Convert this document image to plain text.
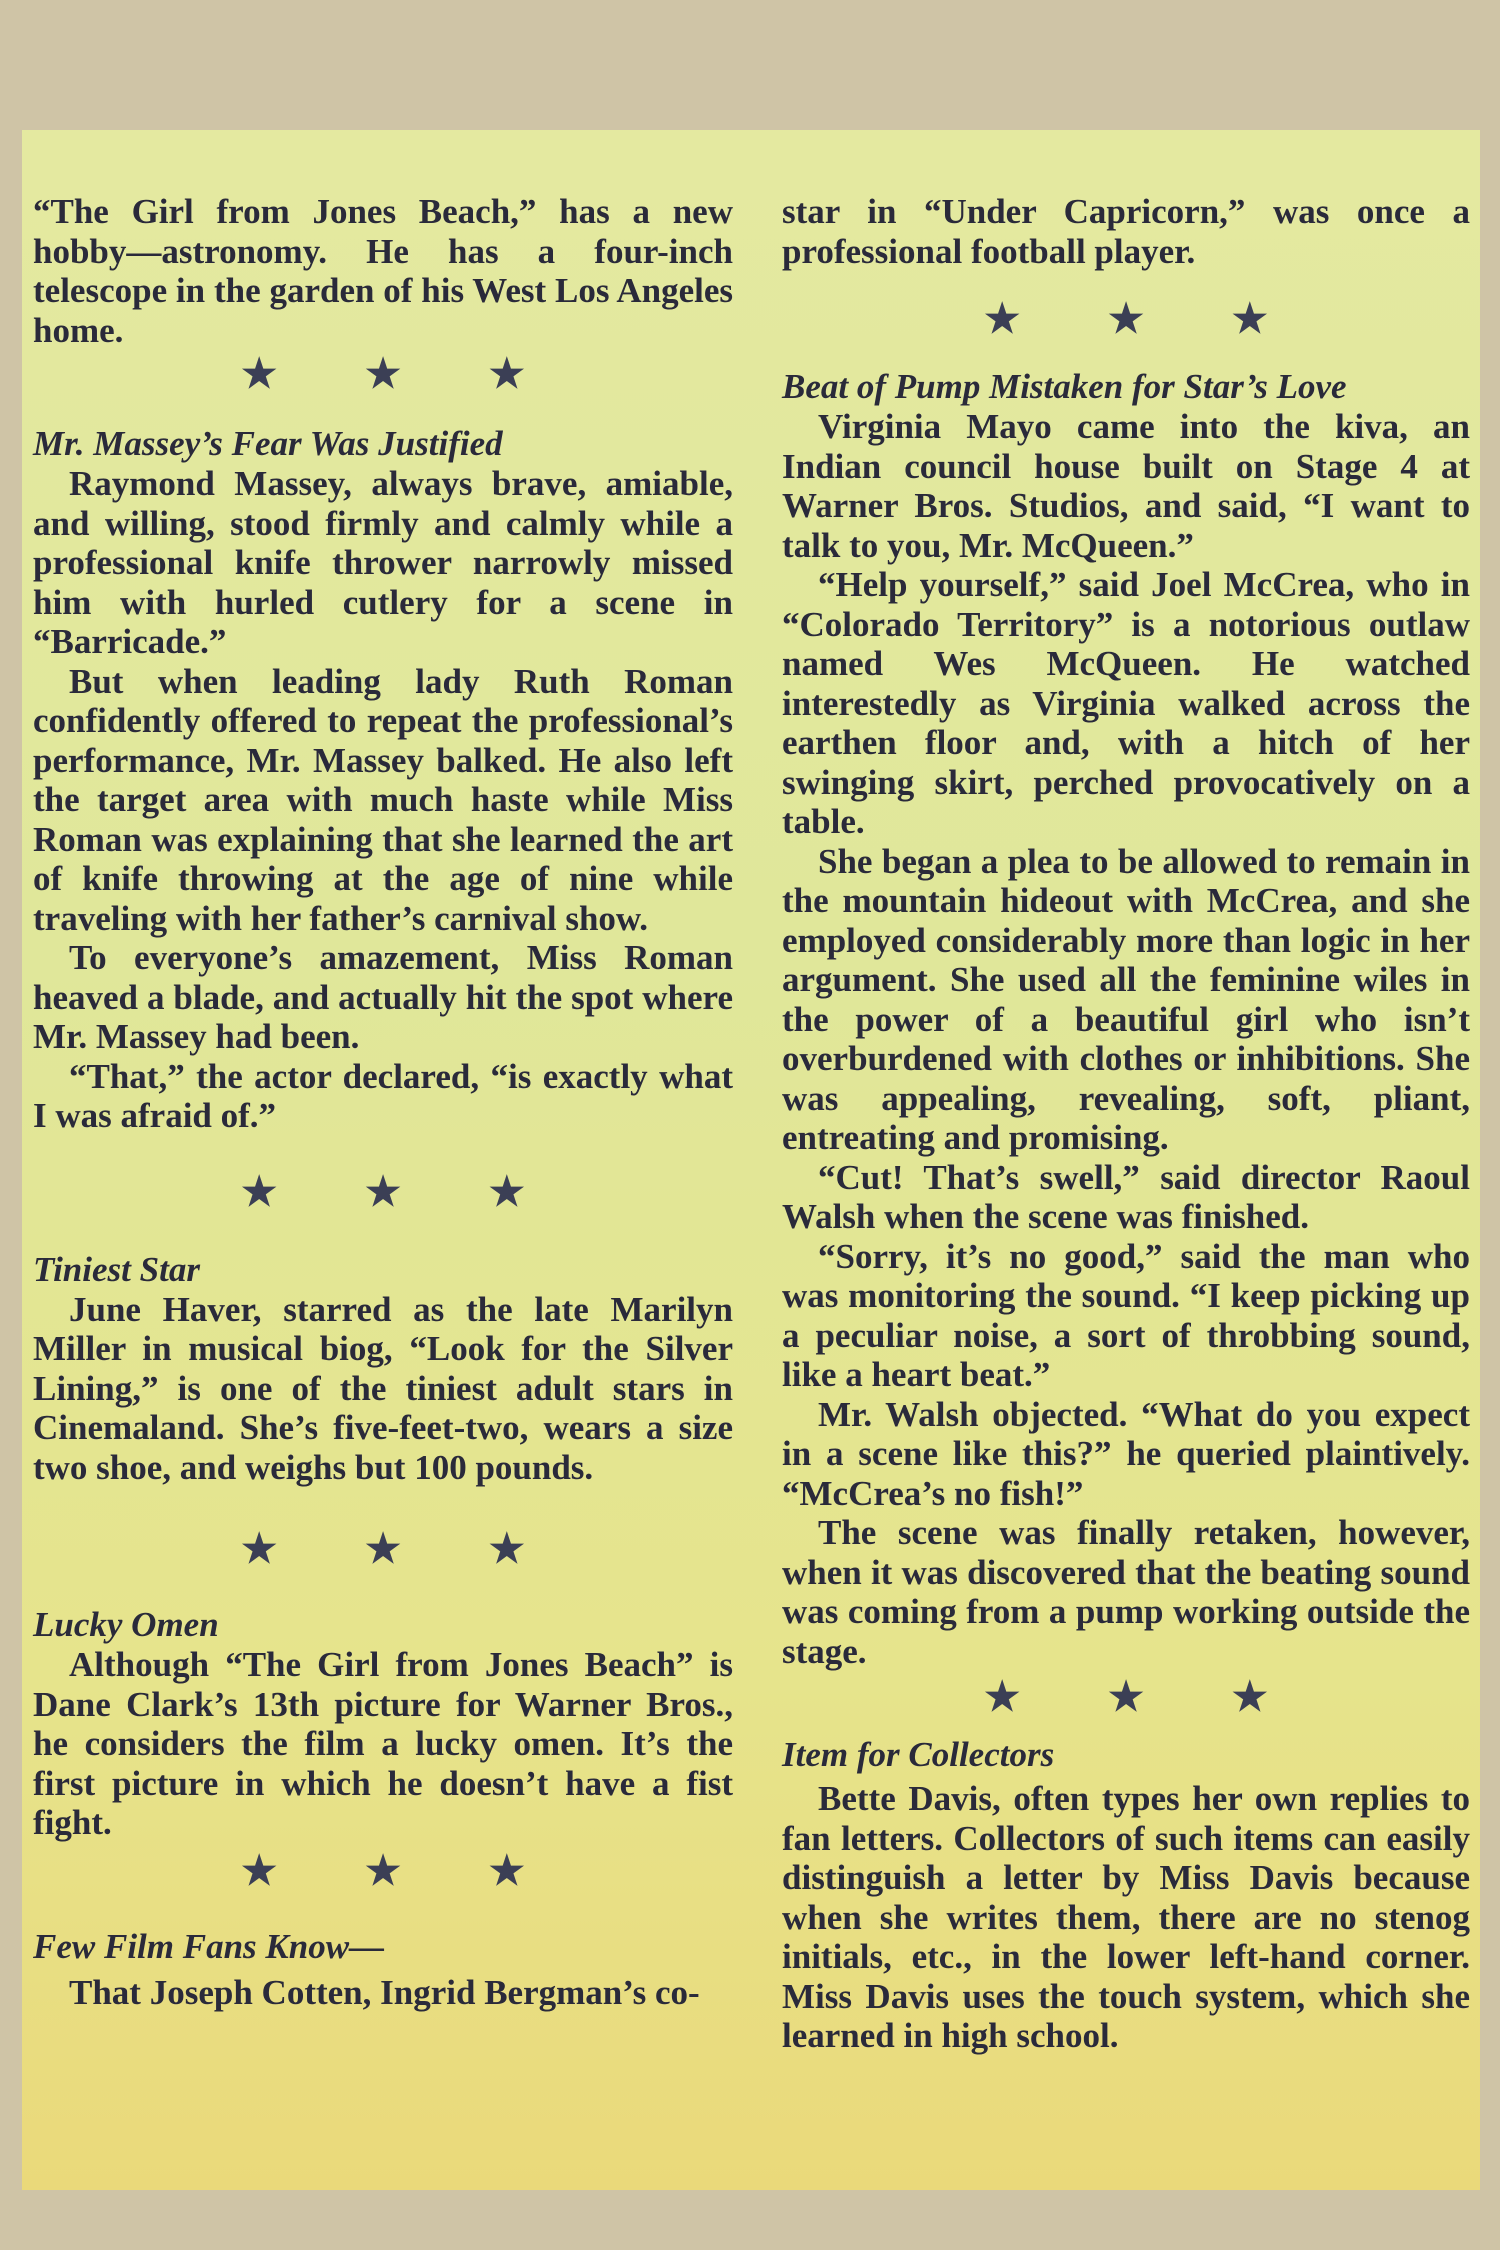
“The Girl from Jones Beach,” has a new hobby—astronomy. He has a four-inch telescope in the garden of his West Los Angeles home.

★ ★ ★
Mr. Massey’s Fear Was Justified

Raymond Massey, always brave, amiable, and willing, stood firmly and calmly while a professional knife thrower narrowly missed him with hurled cutlery for a scene in “Barricade.”

But when leading lady Ruth Roman confidently offered to repeat the professional’s performance, Mr. Massey balked. He also left the target area with much haste while Miss Roman was explaining that she learned the art of knife throwing at the age of nine while traveling with her father’s carnival show.

To everyone’s amazement, Miss Roman heaved a blade, and actually hit the spot where Mr. Massey had been.

“That,” the actor declared, “is exactly what I was afraid of.”

★ ★ ★
Tiniest Star

June Haver, starred as the late Marilyn Miller in musical biog, “Look for the Silver Lining,” is one of the tiniest adult stars in Cinemaland. She’s five-feet-two, wears a size two shoe, and weighs but 100 pounds.

★ ★ ★
Lucky Omen

Although “The Girl from Jones Beach” is Dane Clark’s 13th picture for Warner Bros., he considers the film a lucky omen. It’s the first picture in which he doesn’t have a fist fight.

★ ★ ★
Few Film Fans Know—

That Joseph Cotten, Ingrid Bergman’s co-

star in “Under Capricorn,” was once a professional football player.

★ ★ ★
Beat of Pump Mistaken for Star’s Love

Virginia Mayo came into the kiva, an Indian council house built on Stage 4 at Warner Bros. Studios, and said, “I want to talk to you, Mr. McQueen.”

“Help yourself,” said Joel McCrea, who in “Colorado Territory” is a notorious outlaw named Wes McQueen. He watched interestedly as Virginia walked across the earthen floor and, with a hitch of her swinging skirt, perched provocatively on a table.

She began a plea to be allowed to remain in the mountain hideout with McCrea, and she employed considerably more than logic in her argument. She used all the feminine wiles in the power of a beautiful girl who isn’t overburdened with clothes or inhibitions. She was appealing, revealing, soft, pliant, entreating and promising.

“Cut! That’s swell,” said director Raoul Walsh when the scene was finished.

“Sorry, it’s no good,” said the man who was monitoring the sound. “I keep picking up a peculiar noise, a sort of throbbing sound, like a heart beat.”

Mr. Walsh objected. “What do you expect in a scene like this?” he queried plaintively. “McCrea’s no fish!”

The scene was finally retaken, however, when it was discovered that the beating sound was coming from a pump working outside the stage.

★ ★ ★
Item for Collectors

Bette Davis, often types her own replies to fan letters. Collectors of such items can easily distinguish a letter by Miss Davis because when she writes them, there are no stenog initials, etc., in the lower left-hand corner. Miss Davis uses the touch system, which she learned in high school.
